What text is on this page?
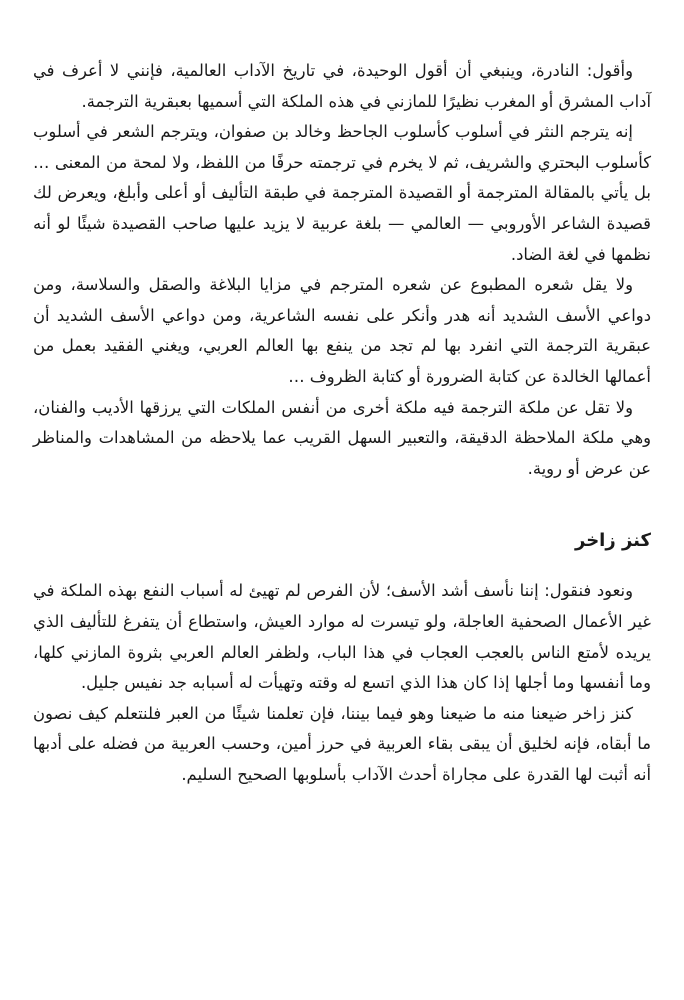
وأقول: النادرة، وينبغي أن أقول الوحيدة، في تاريخ الآداب العالمية، فإنني لا أعرف في آداب المشرق أو المغرب نظيرًا للمازني في هذه الملكة التي أسميها بعبقرية الترجمة.

إنه يترجم النثر في أسلوب كأسلوب الجاحظ وخالد بن صفوان، ويترجم الشعر في أسلوب كأسلوب البحتري والشريف، ثم لا يخرم في ترجمته حرفًا من اللفظ، ولا لمحة من المعنى … بل يأتي بالمقالة المترجمة أو القصيدة المترجمة في طبقة التأليف أو أعلى وأبلغ، ويعرض لك قصيدة الشاعر الأوروبي — العالمي — بلغة عربية لا يزيد عليها صاحب القصيدة شيئًا لو أنه نظمها في لغة الضاد.

ولا يقل شعره المطبوع عن شعره المترجم في مزايا البلاغة والصقل والسلاسة، ومن دواعي الأسف الشديد أنه هدر وأنكر على نفسه الشاعرية، ومن دواعي الأسف الشديد أن عبقرية الترجمة التي انفرد بها لم تجد من ينفع بها العالم العربي، ويغني الفقيد بعمل من أعمالها الخالدة عن كتابة الضرورة أو كتابة الظروف …

ولا تقل عن ملكة الترجمة فيه ملكة أخرى من أنفس الملكات التي يرزقها الأديب والفنان، وهي ملكة الملاحظة الدقيقة، والتعبير السهل القريب عما يلاحظه من المشاهدات والمناظر عن عرض أو روية.

كنز زاخر

ونعود فنقول: إننا نأسف أشد الأسف؛ لأن الفرص لم تهيئ له أسباب النفع بهذه الملكة في غير الأعمال الصحفية العاجلة، ولو تيسرت له موارد العيش، واستطاع أن يتفرغ للتأليف الذي يريده لأمتع الناس بالعجب العجاب في هذا الباب، ولظفر العالم العربي بثروة المازني كلها، وما أنفسها وما أجلها إذا كان هذا الذي اتسع له وقته وتهيأت له أسبابه جد نفيس جليل.

كنز زاخر ضيعنا منه ما ضيعنا وهو فيما بيننا، فإن تعلمنا شيئًا من العبر فلنتعلم كيف نصون ما أبقاه، فإنه لخليق أن يبقى بقاء العربية في حرز أمين، وحسب العربية من فضله على أدبها أنه أثبت لها القدرة على مجاراة أحدث الآداب بأسلوبها الصحيح السليم.
